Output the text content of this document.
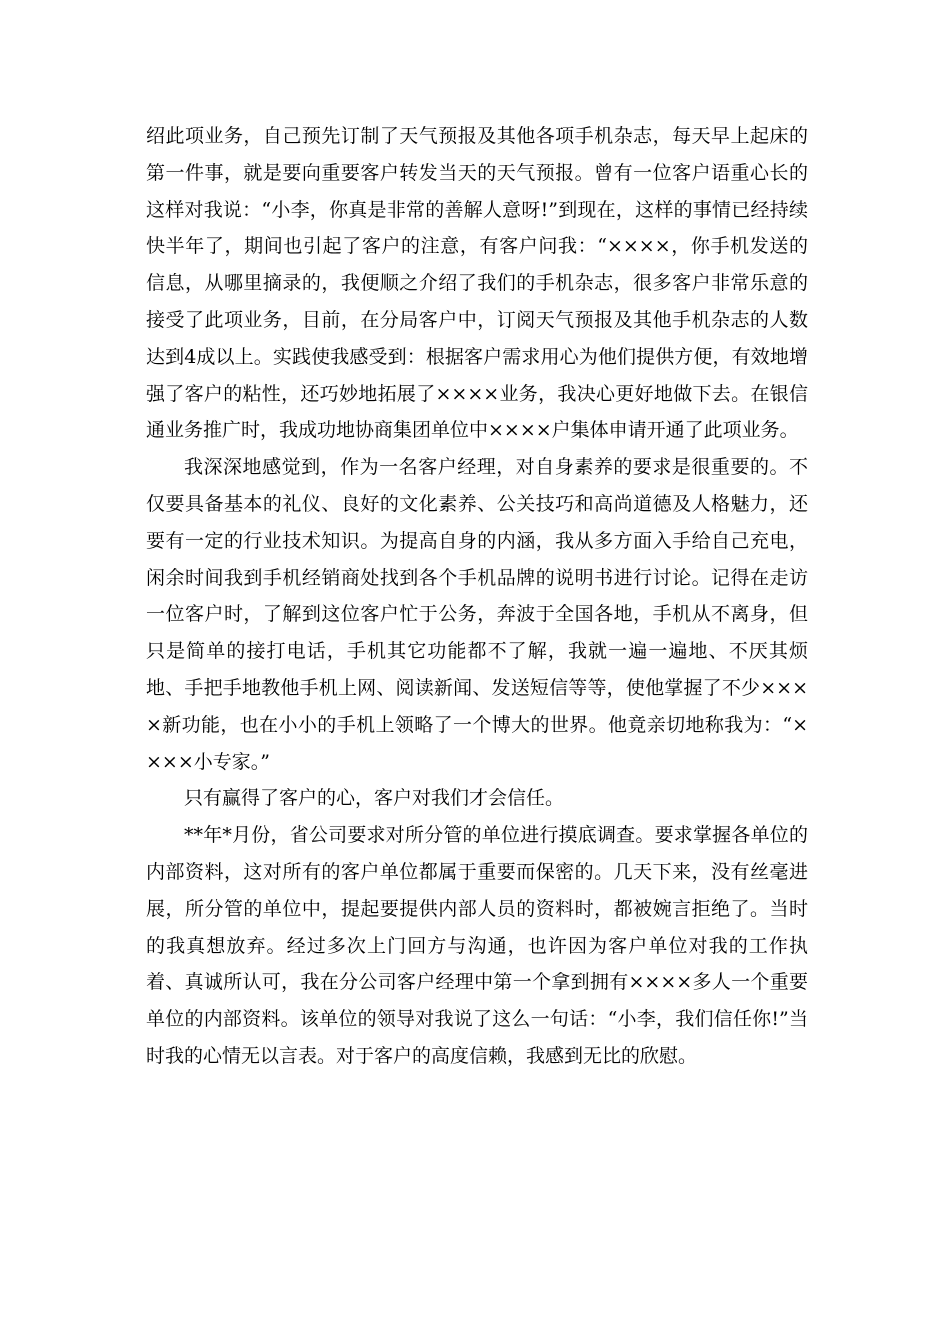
绍此项业务，自己预先订制了天气预报及其他各项手机杂志，每天早上起床的第一件事，就是要向重要客户转发当天的天气预报。曾有一位客户语重心长的这样对我说：“小李，你真是非常的善解人意呀!”到现在，这样的事情已经持续快半年了，期间也引起了客户的注意，有客户问我：“××××，你手机发送的信息，从哪里摘录的，我便顺之介绍了我们的手机杂志，很多客户非常乐意的接受了此项业务，目前，在分局客户中，订阅天气预报及其他手机杂志的人数达到4成以上。实践使我感受到：根据客户需求用心为他们提供方便，有效地增强了客户的粘性，还巧妙地拓展了××××业务，我决心更好地做下去。在银信通业务推广时，我成功地协商集团单位中××××户集体申请开通了此项业务。

我深深地感觉到，作为一名客户经理，对自身素养的要求是很重要的。不仅要具备基本的礼仪、良好的文化素养、公关技巧和高尚道德及人格魅力，还要有一定的行业技术知识。为提高自身的内涵，我从多方面入手给自己充电，闲余时间我到手机经销商处找到各个手机品牌的说明书进行讨论。记得在走访一位客户时，了解到这位客户忙于公务，奔波于全国各地，手机从不离身，但只是简单的接打电话，手机其它功能都不了解，我就一遍一遍地、不厌其烦地、手把手地教他手机上网、阅读新闻、发送短信等等，使他掌握了不少××××新功能，也在小小的手机上领略了一个博大的世界。他竟亲切地称我为：“××××小专家。”

只有赢得了客户的心，客户对我们才会信任。

**年*月份，省公司要求对所分管的单位进行摸底调查。要求掌握各单位的内部资料，这对所有的客户单位都属于重要而保密的。几天下来，没有丝毫进展，所分管的单位中，提起要提供内部人员的资料时，都被婉言拒绝了。当时的我真想放弃。经过多次上门回方与沟通，也许因为客户单位对我的工作执着、真诚所认可，我在分公司客户经理中第一个拿到拥有××××多人一个重要单位的内部资料。该单位的领导对我说了这么一句话：“小李，我们信任你!”当时我的心情无以言表。对于客户的高度信赖，我感到无比的欣慰。
